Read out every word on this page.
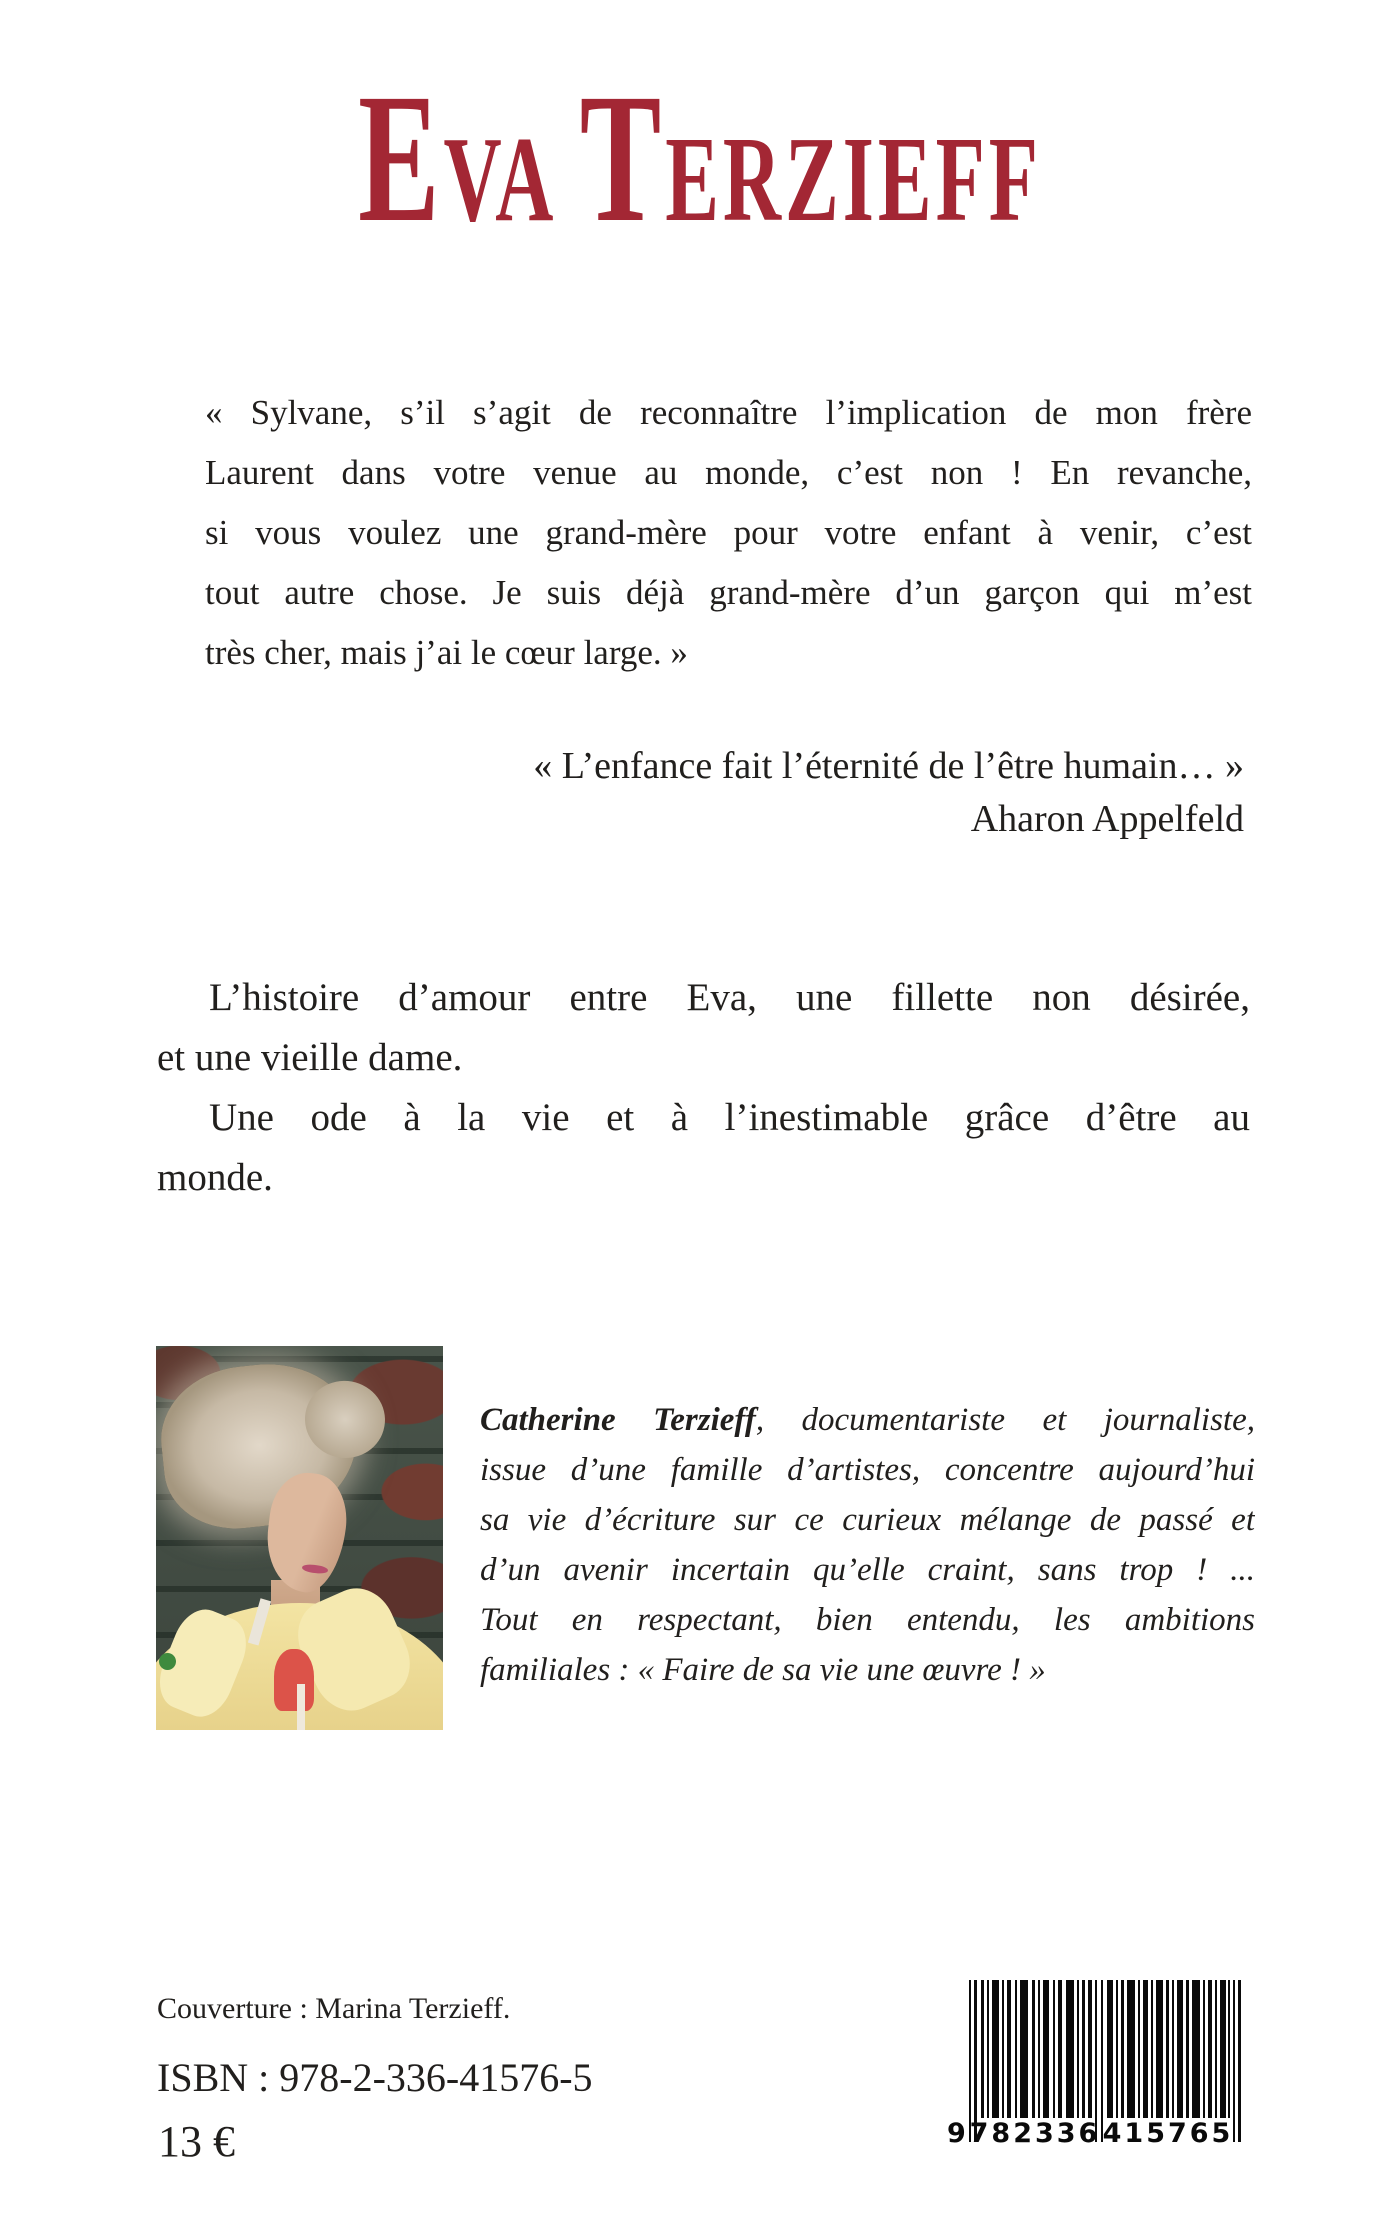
EVA TERZIEFF
« Sylvane, s’il s’agit de reconnaître l’implication de mon frère
Laurent dans votre venue au monde, c’est non ! En revanche,
si vous voulez une grand-mère pour votre enfant à venir, c’est
tout autre chose. Je suis déjà grand-mère d’un garçon qui m’est
très cher, mais j’ai le cœur large. »
« L’enfance fait l’éternité de l’être humain… »
Aharon Appelfeld
L’histoire d’amour entre Eva, une fillette non désirée,
et une vieille dame.
Une ode à la vie et à l’inestimable grâce d’être au
monde.
Catherine Terzieff, documentariste et journaliste,
issue d’une famille d’artistes, concentre aujourd’hui
sa vie d’écriture sur ce curieux mélange de passé et
d’un avenir incertain qu’elle craint, sans trop ! ...
Tout en respectant, bien entendu, les ambitions
familiales : « Faire de sa vie une œuvre ! »
Couverture : Marina Terzieff.
ISBN : 978-2-336-41576-5
13 €	9 782336 415765
